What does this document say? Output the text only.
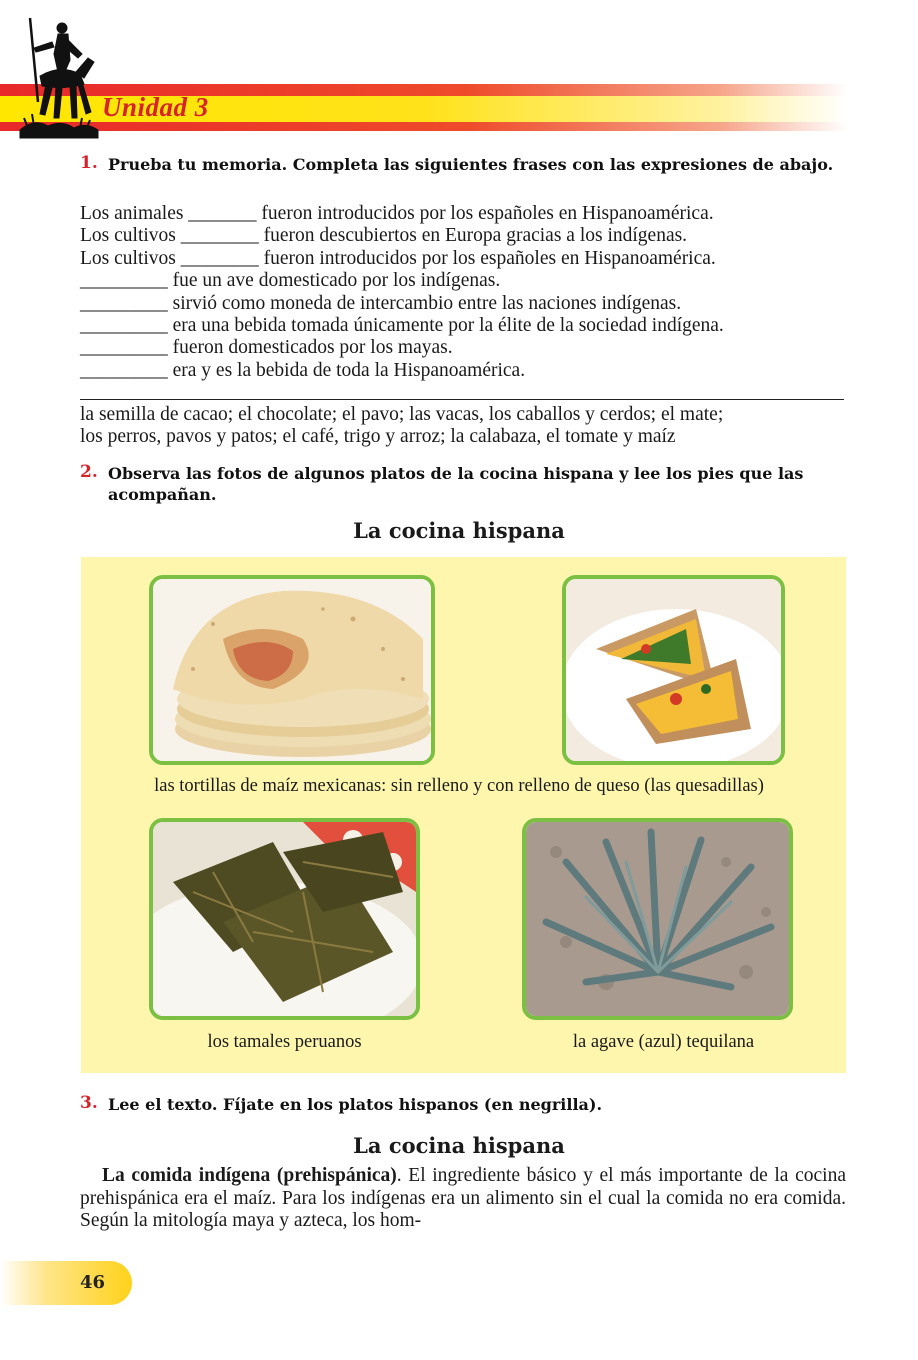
Unidad 3
1. Prueba tu memoria. Completa las siguientes frases con las expresiones de abajo.
Los animales _______ fueron introducidos por los españoles en Hispanoamérica.
Los cultivos ________ fueron descubiertos en Europa gracias a los indígenas.
Los cultivos ________ fueron introducidos por los españoles en Hispanoamérica.
_________ fue un ave domesticado por los indígenas.
_________ sirvió como moneda de intercambio entre las naciones indígenas.
_________ era una bebida tomada únicamente por la élite de la sociedad indígena.
_________ fueron domesticados por los mayas.
_________ era y es la bebida de toda la Hispanoamérica.
la semilla de cacao; el chocolate; el pavo; las vacas, los caballos y cerdos; el mate;
los perros, pavos y patos; el café, trigo y arroz; la calabaza, el tomate y maíz
2. Observa las fotos de algunos platos de la cocina hispana y lee los pies que las acompañan.
La cocina hispana
las tortillas de maíz mexicanas: sin relleno y con relleno de queso (las quesadillas)
los tamales peruanos	la agave (azul) tequilana
3. Lee el texto. Fíjate en los platos hispanos (en negrilla).
La cocina hispana
La comida indígena (prehispánica). El ingrediente básico y el más importante de la cocina prehispánica era el maíz. Para los indígenas era un alimento sin el cual la comida no era comida. Según la mitología maya y azteca, los hom-
46
